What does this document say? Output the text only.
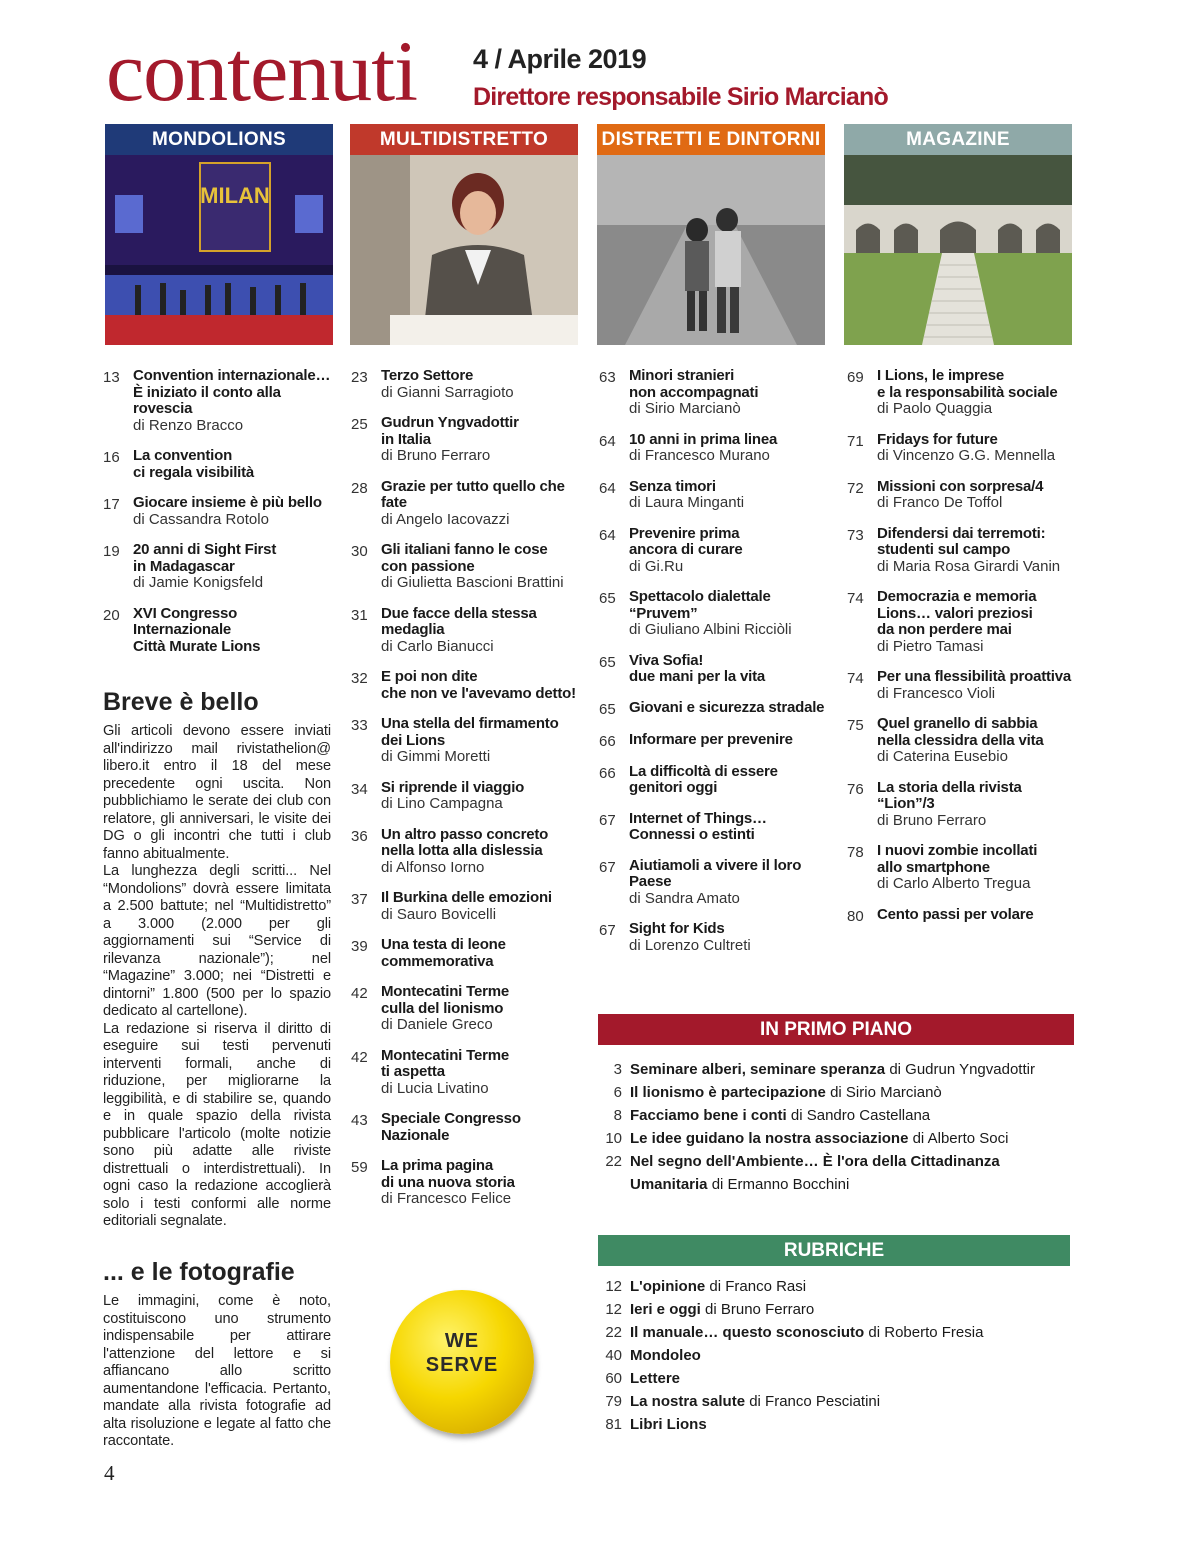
contenuti 4 / Aprile 2019
Direttore responsabile Sirio Marcianò
MONDOLIONS
MILAN
MULTIDISTRETTO	DISTRETTI E DINTORNI	MAGAZINE
13 Convention internazionale…
È iniziato il conto alla rovescia
di Renzo Bracco
16 La convention
ci regala visibilità
17 Giocare insieme è più bello
di Cassandra Rotolo
19 20 anni di Sight First
in Madagascar
di Jamie Konigsfeld
20 XVI Congresso Internazionale
Città Murate Lions
23 Terzo Settore
di Gianni Sarragioto
25 Gudrun Yngvadottir
in Italia
di Bruno Ferraro
28 Grazie per tutto quello che fate
di Angelo Iacovazzi
30 Gli italiani fanno le cose
con passione
di Giulietta Bascioni Brattini
31 Due facce della stessa
medaglia
di Carlo Bianucci
32 E poi non dite
che non ve l'avevamo detto!
33 Una stella del firmamento
dei Lions
di Gimmi Moretti
34 Si riprende il viaggio
di Lino Campagna
36 Un altro passo concreto
nella lotta alla dislessia
di Alfonso Iorno
37 Il Burkina delle emozioni
di Sauro Bovicelli
39 Una testa di leone
commemorativa
42 Montecatini Terme
culla del lionismo
di Daniele Greco
42 Montecatini Terme
ti aspetta
di Lucia Livatino
43 Speciale Congresso
Nazionale
59 La prima pagina
di una nuova storia
di Francesco Felice
63 Minori stranieri
non accompagnati
di Sirio Marcianò
64 10 anni in prima linea
di Francesco Murano
64 Senza timori
di Laura Minganti
64 Prevenire prima
ancora di curare
di Gi.Ru
65 Spettacolo dialettale
“Pruvem”
di Giuliano Albini Ricciòli
65 Viva Sofia!
due mani per la vita
65 Giovani e sicurezza stradale
66 Informare per prevenire
66 La difficoltà di essere
genitori oggi
67 Internet of Things…
Connessi o estinti
67 Aiutiamoli a vivere il loro Paese
di Sandra Amato
67 Sight for Kids
di Lorenzo Cultreti
69 I Lions, le imprese
e la responsabilità sociale
di Paolo Quaggia
71 Fridays for future
di Vincenzo G.G. Mennella
72 Missioni con sorpresa/4
di Franco De Toffol
73 Difendersi dai terremoti:
studenti sul campo
di Maria Rosa Girardi Vanin
74 Democrazia e memoria
Lions… valori preziosi
da non perdere mai
di Pietro Tamasi
74 Per una flessibilità proattiva
di Francesco Violi
75 Quel granello di sabbia
nella clessidra della vita
di Caterina Eusebio
76 La storia della rivista
“Lion”/3
di Bruno Ferraro
78 I nuovi zombie incollati
allo smartphone
di Carlo Alberto Tregua
80 Cento passi per volare
Breve è bello
Gli articoli devono essere inviati all'indirizzo mail rivistathelion@ libero.it entro il 18 del mese precedente ogni uscita. Non pubblichiamo le serate dei club con relatore, gli anniversari, le visite dei DG o gli incontri che tutti i club fanno abitualmente.
La lunghezza degli scritti... Nel “Mondolions” dovrà essere limitata a 2.500 battute; nel “Multidistretto” a 3.000 (2.000 per gli aggiornamenti sui “Service di rilevanza nazionale”); nel “Magazine” 3.000; nei “Distretti e dintorni” 1.800 (500 per lo spazio dedicato al cartellone).
La redazione si riserva il diritto di eseguire sui testi pervenuti interventi formali, anche di riduzione, per migliorarne la leggibilità, e di stabilire se, quando e in quale spazio della rivista pubblicare l'articolo (molte notizie sono più adatte alle riviste distrettuali o interdistrettuali). In ogni caso la redazione accoglierà solo i testi conformi alle norme editoriali segnalate.
... e le fotografie
Le immagini, come è noto, costituiscono uno strumento indispensabile per attirare l'attenzione del lettore e si affiancano allo scritto aumentandone l'efficacia. Pertanto, mandate alla rivista fotografie ad alta risoluzione e legate al fatto che raccontate.
WE
SERVE
IN PRIMO PIANO
3 Seminare alberi, seminare speranza di Gudrun Yngvadottir
6 Il lionismo è partecipazione di Sirio Marcianò
8 Facciamo bene i conti di Sandro Castellana
10 Le idee guidano la nostra associazione di Alberto Soci
22 Nel segno dell'Ambiente… È l'ora della Cittadinanza Umanitaria di Ermanno Bocchini
RUBRICHE
12 L'opinione di Franco Rasi
12 Ieri e oggi di Bruno Ferraro
22 Il manuale… questo sconosciuto di Roberto Fresia
40 Mondoleo
60 Lettere
79 La nostra salute di Franco Pesciatini
81 Libri Lions
4
